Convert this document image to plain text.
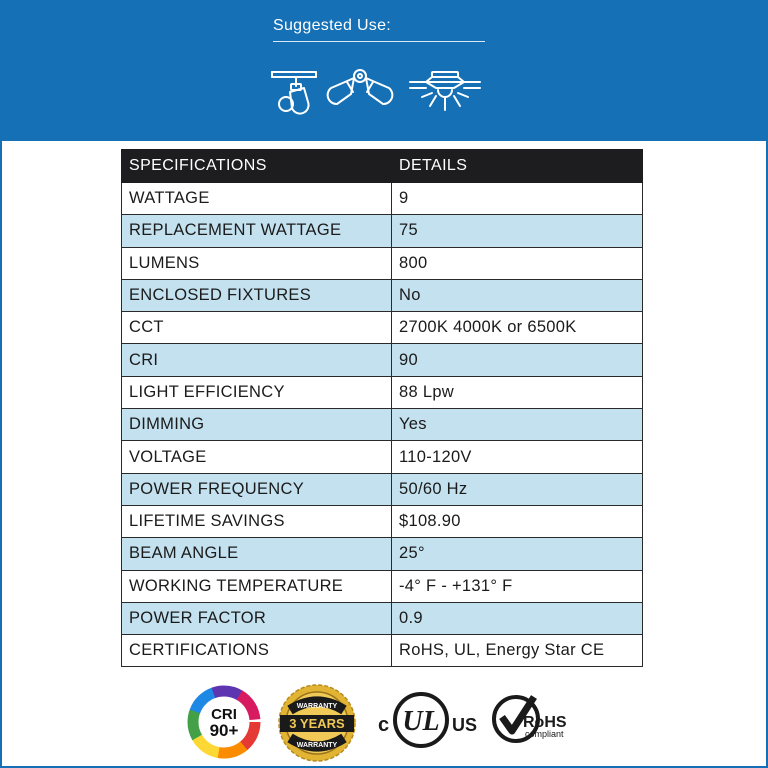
Suggested Use:
SPECIFICATIONS	DETAILS
WATTAGE	9
REPLACEMENT WATTAGE	75
LUMENS	800
ENCLOSED FIXTURES	No
CCT	2700K 4000K or 6500K
CRI	90
LIGHT EFFICIENCY	88 Lpw
DIMMING	Yes
VOLTAGE	110-120V
POWER FREQUENCY	50/60 Hz
LIFETIME SAVINGS	$108.90
BEAM ANGLE	25°
WORKING TEMPERATURE	-4° F - +131° F
POWER FACTOR	0.9
CERTIFICATIONS	RoHS, UL, Energy Star CE
CRI
90+
WARRANTY
3 YEARS
WARRANTY
c UL US	RoHS
compliant
